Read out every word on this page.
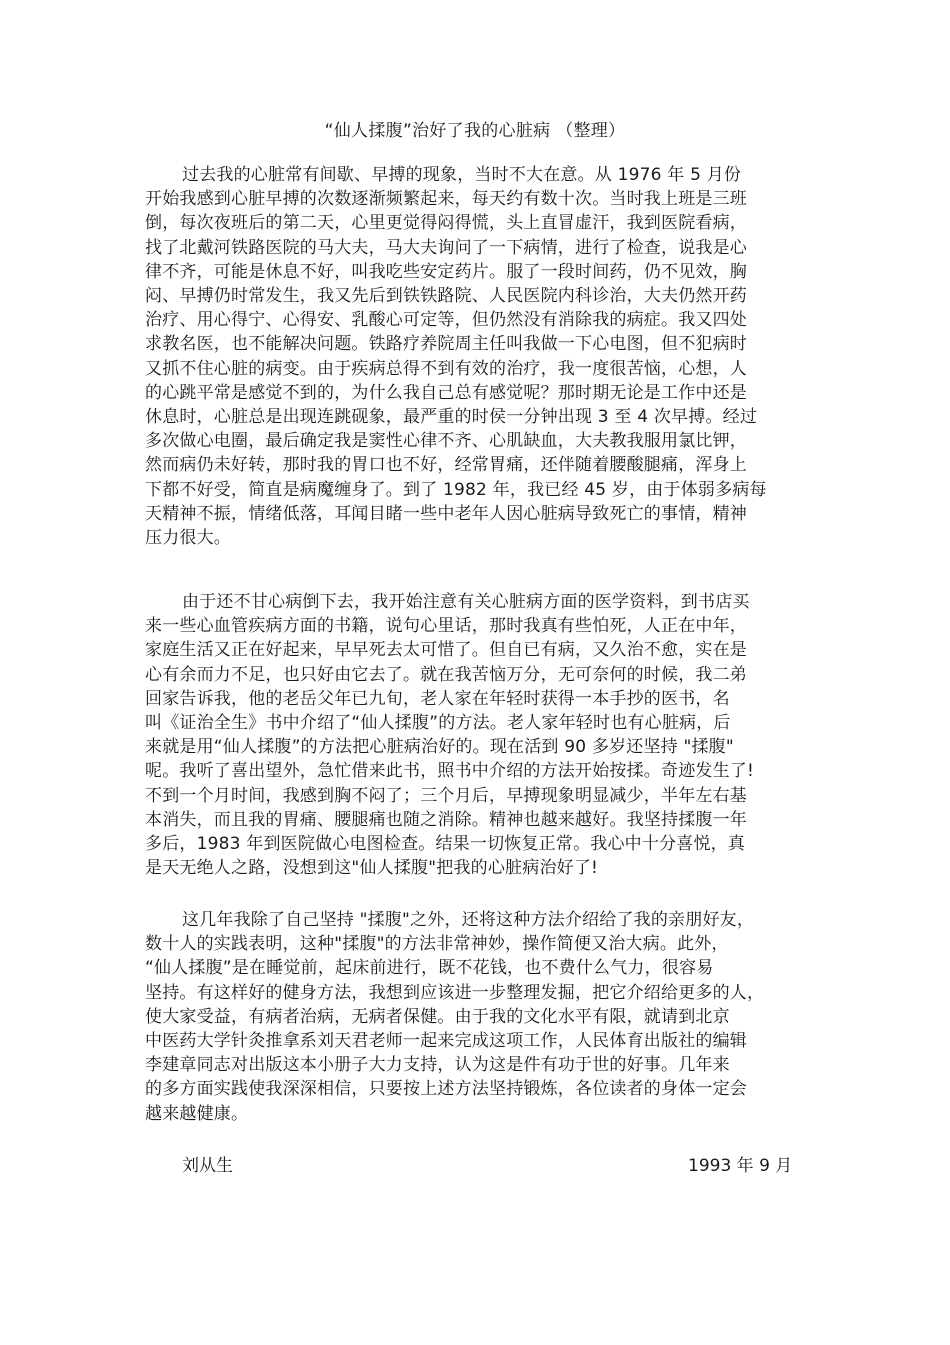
“仙人揉腹”治好了我的心脏病 （整理）
过去我的心脏常有间歇、早搏的现象，当时不大在意。从 1976 年 5 月份
开始我感到心脏早搏的次数逐渐频繁起来，每天约有数十次。当时我上班是三班
倒，每次夜班后的第二天，心里更觉得闷得慌，头上直冒虚汗，我到医院看病，
找了北戴河铁路医院的马大夫，马大夫询问了一下病情，进行了检查，说我是心
律不齐，可能是休息不好，叫我吃些安定药片。服了一段时间药，仍不见效，胸
闷、早搏仍时常发生，我又先后到铁铁路院、人民医院内科诊治，大夫仍然开药
治疗、用心得宁、心得安、乳酸心可定等，但仍然没有消除我的病症。我又四处
求教名医，也不能解决问题。铁路疗养院周主任叫我做一下心电图，但不犯病时
又抓不住心脏的病变。由于疾病总得不到有效的治疗，我一度很苦恼，心想，人
的心跳平常是感觉不到的，为什么我自己总有感觉呢？那时期无论是工作中还是
休息时，心脏总是出现连跳砚象，最严重的时侯一分钟出现 3 至 4 次早搏。经过
多次做心电圈，最后确定我是窦性心律不齐、心肌缺血，大夫教我服用氯比钾，
然而病仍未好转，那时我的胃口也不好，经常胃痛，还伴随着腰酸腿痛，浑身上
下都不好受，简直是病魔缠身了。到了 1982 年，我已经 45 岁，由于体弱多病每
天精神不振，情绪低落，耳闻目睹一些中老年人因心脏病导致死亡的事情，精神
压力很大。
由于还不甘心病倒下去，我开始注意有关心脏病方面的医学资料，到书店买
来一些心血管疾病方面的书籍，说句心里话，那时我真有些怕死，人正在中年，
家庭生活又正在好起来，早早死去太可惜了。但自已有病，又久治不愈，实在是
心有余而力不足，也只好由它去了。就在我苦恼万分，无可奈何的时候，我二弟
回家告诉我，他的老岳父年已九旬，老人家在年轻时获得一本手抄的医书，名
叫《证治全生》书中介绍了“仙人揉腹”的方法。老人家年轻时也有心脏病，后
来就是用“仙人揉腹”的方法把心脏病治好的。现在活到 90 多岁还坚持 "揉腹"
呢。我听了喜出望外，急忙借来此书，照书中介绍的方法开始按揉。奇迹发生了!
不到一个月时间，我感到胸不闷了；三个月后，早搏现象明显减少，半年左右基
本消失，而且我的胃痛、腰腿痛也随之消除。精神也越来越好。我坚持揉腹一年
多后，1983 年到医院做心电图检查。结果一切恢复正常。我心中十分喜悦，真
是天无绝人之路，没想到这"仙人揉腹"把我的心脏病治好了!
这几年我除了自己坚持 "揉腹"之外，还将这种方法介绍给了我的亲朋好友，
数十人的实践表明，这种"揉腹"的方法非常神妙，操作简便又治大病。此外，
“仙人揉腹”是在睡觉前，起床前进行，既不花钱，也不费什么气力，很容易
坚持。有这样好的健身方法，我想到应该进一步整理发掘，把它介绍给更多的人，
使大家受益，有病者治病，无病者保健。由于我的文化水平有限，就请到北京
中医药大学针灸推拿系刘天君老师一起来完成这项工作，人民体育出版社的编辑
李建章同志对出版这本小册子大力支持，认为这是件有功于世的好事。几年来
的多方面实践使我深深相信，只要按上述方法坚持锻炼，各位读者的身体一定会
越来越健康。
刘从生	1993 年 9 月
